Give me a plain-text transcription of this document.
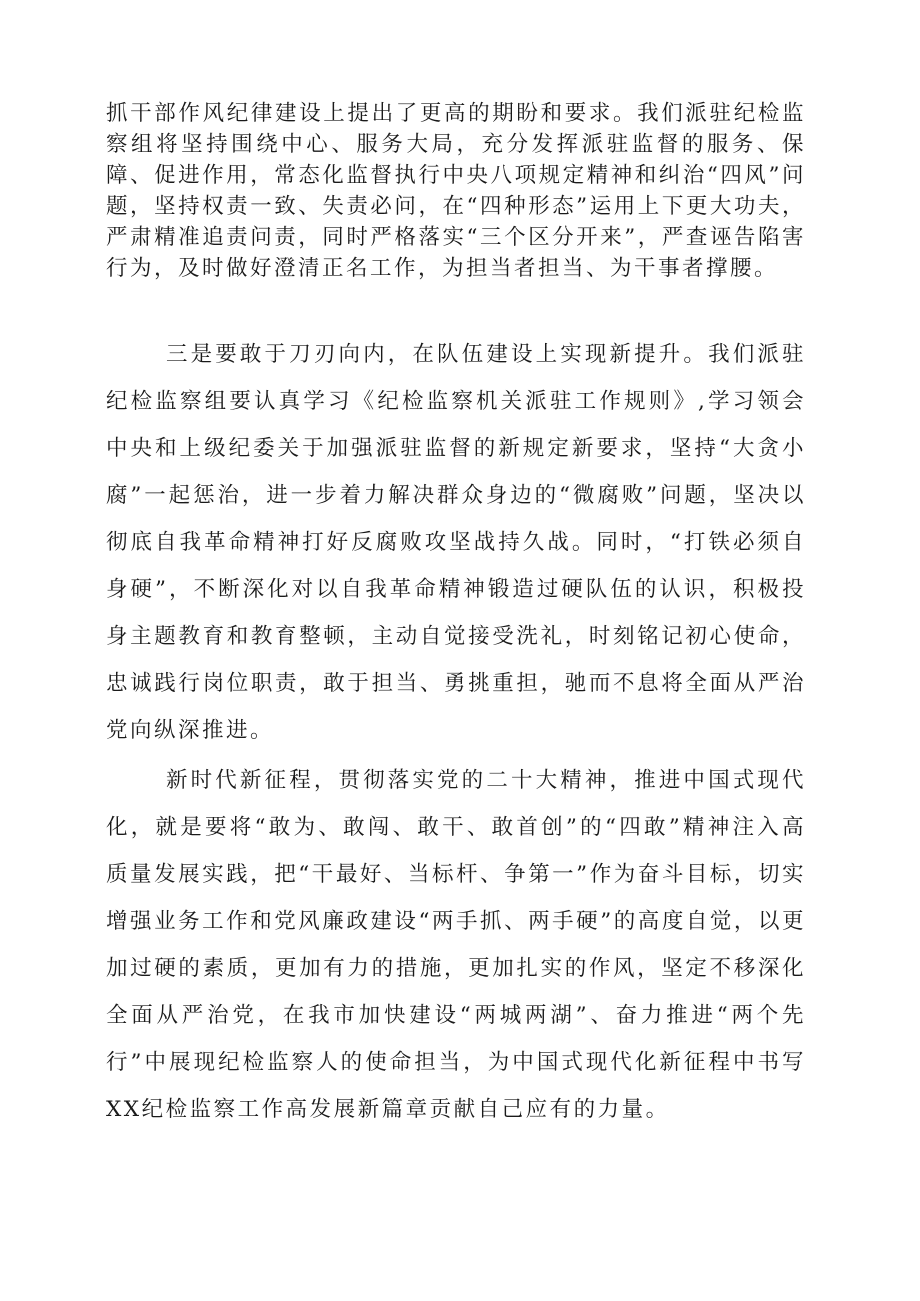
抓干部作风纪律建设上提出了更高的期盼和要求。我们派驻纪检监察组将坚持围绕中心、服务大局，充分发挥派驻监督的服务、保障、促进作用，常态化监督执行中央八项规定精神和纠治“四风”问题，坚持权责一致、失责必问，在“四种形态”运用上下更大功夫，严肃精准追责问责，同时严格落实“三个区分开来”，严查诬告陷害行为，及时做好澄清正名工作，为担当者担当、为干事者撑腰。

三是要敢于刀刃向内，在队伍建设上实现新提升。我们派驻纪检监察组要认真学习《纪检监察机关派驻工作规则》,学习领会中央和上级纪委关于加强派驻监督的新规定新要求，坚持“大贪小腐”一起惩治，进一步着力解决群众身边的“微腐败”问题，坚决以彻底自我革命精神打好反腐败攻坚战持久战。同时，“打铁必须自身硬”，不断深化对以自我革命精神锻造过硬队伍的认识，积极投身主题教育和教育整顿，主动自觉接受洗礼，时刻铭记初心使命，忠诚践行岗位职责，敢于担当、勇挑重担，驰而不息将全面从严治党向纵深推进。

新时代新征程，贯彻落实党的二十大精神，推进中国式现代化，就是要将“敢为、敢闯、敢干、敢首创”的“四敢”精神注入高质量发展实践，把“干最好、当标杆、争第一”作为奋斗目标，切实增强业务工作和党风廉政建设“两手抓、两手硬”的高度自觉，以更加过硬的素质，更加有力的措施，更加扎实的作风，坚定不移深化全面从严治党，在我市加快建设“两城两湖”、奋力推进“两个先行”中展现纪检监察人的使命担当，为中国式现代化新征程中书写XX纪检监察工作高发展新篇章贡献自己应有的力量。
